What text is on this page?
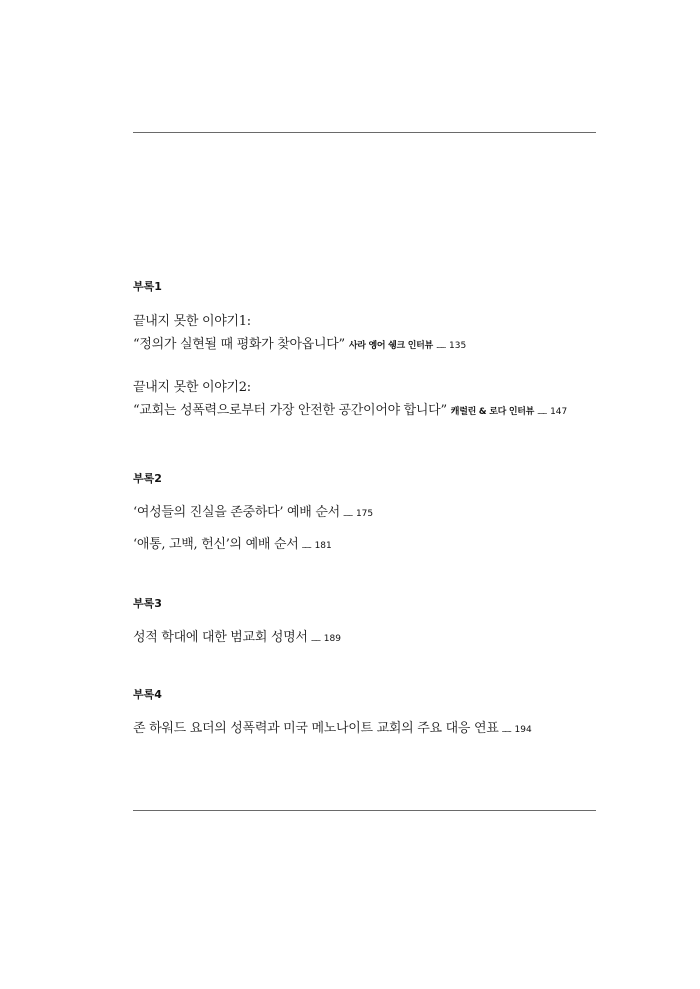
부록1
끝내지 못한 이야기1:
“정의가 실현될 때 평화가 찾아옵니다” 사라 옝어 쉥크 인터뷰 ........... 135
끝내지 못한 이야기2:
“교회는 성폭력으로부터 가장 안전한 공간이어야 합니다” 캐럴린 & 로다 인터뷰 ........... 147
부록2
‘여성들의 진실을 존중하다’ 예배 순서 ........... 175
‘애통, 고백, 헌신’의 예배 순서 ........... 181
부록3
성적 학대에 대한 범교회 성명서 ........... 189
부록4
존 하워드 요더의 성폭력과 미국 메노나이트 교회의 주요 대응 연표 ........... 194
